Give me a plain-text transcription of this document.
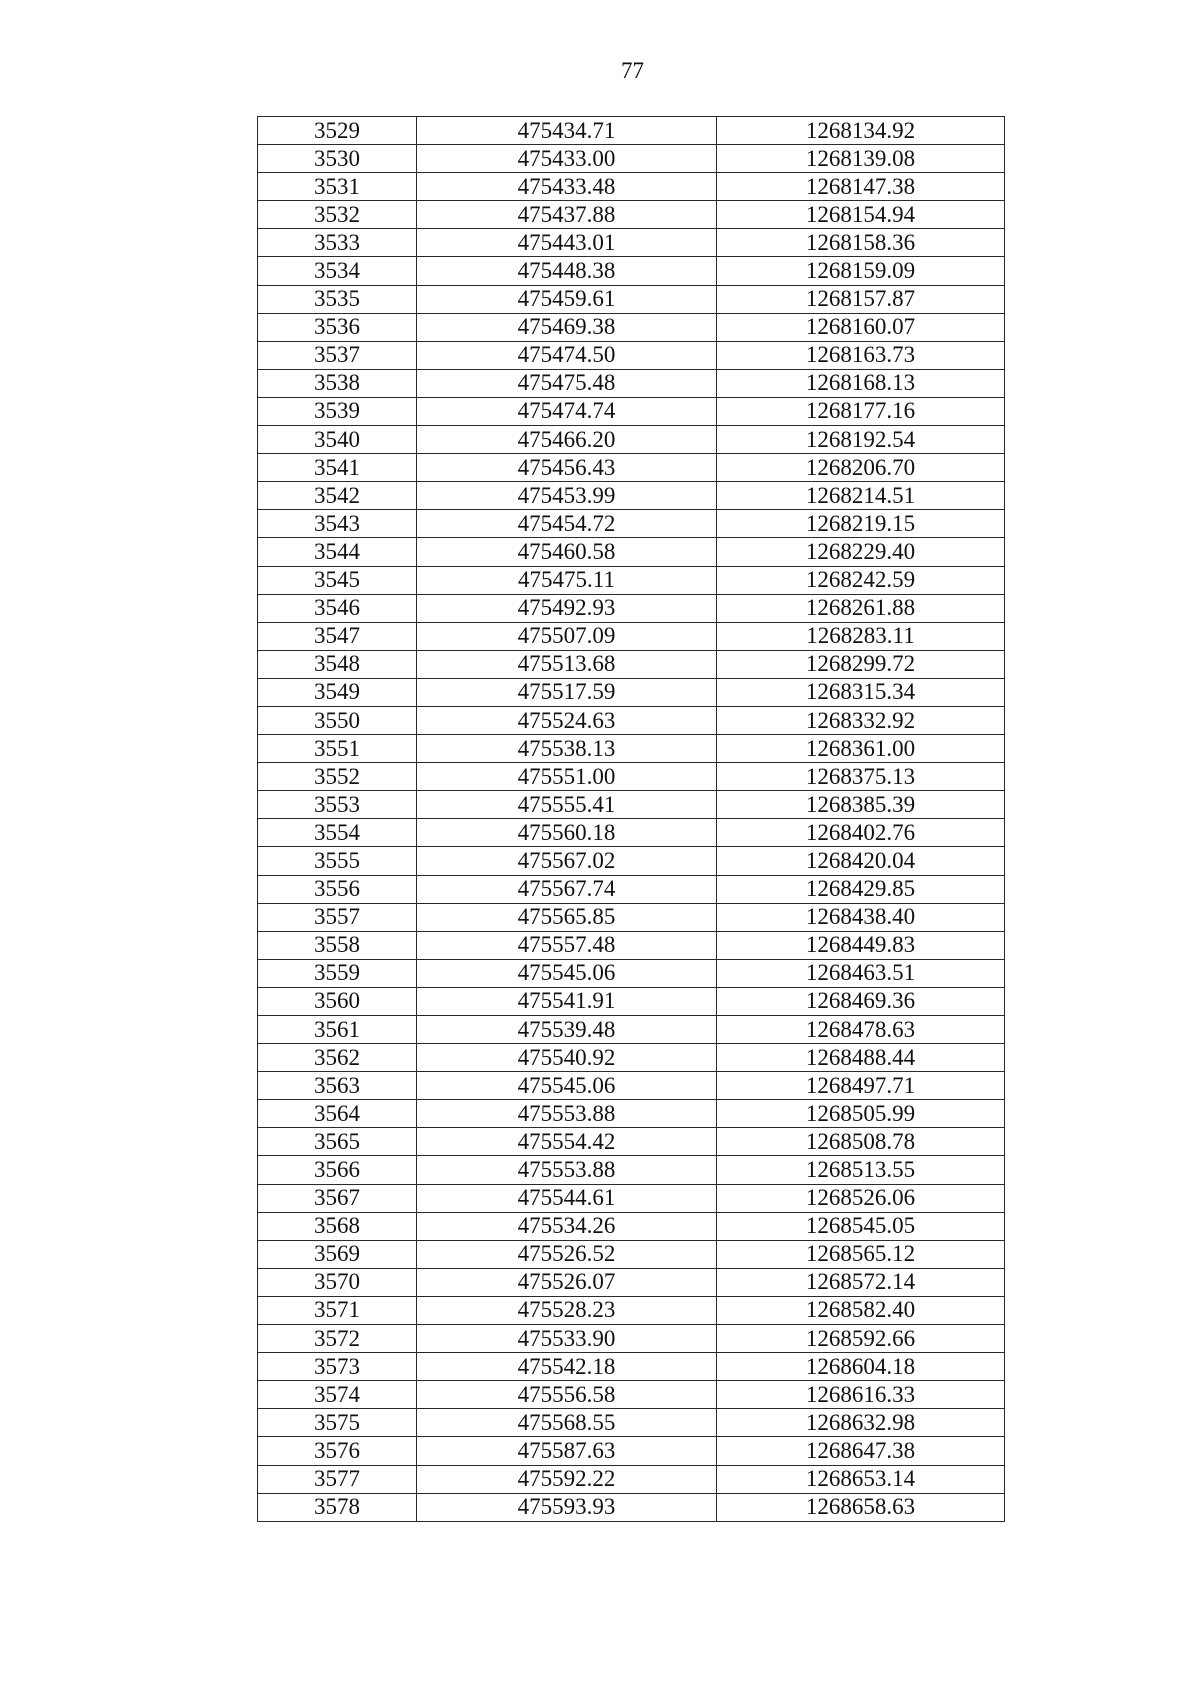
77
3529	475434.71	1268134.92
3530	475433.00	1268139.08
3531	475433.48	1268147.38
3532	475437.88	1268154.94
3533	475443.01	1268158.36
3534	475448.38	1268159.09
3535	475459.61	1268157.87
3536	475469.38	1268160.07
3537	475474.50	1268163.73
3538	475475.48	1268168.13
3539	475474.74	1268177.16
3540	475466.20	1268192.54
3541	475456.43	1268206.70
3542	475453.99	1268214.51
3543	475454.72	1268219.15
3544	475460.58	1268229.40
3545	475475.11	1268242.59
3546	475492.93	1268261.88
3547	475507.09	1268283.11
3548	475513.68	1268299.72
3549	475517.59	1268315.34
3550	475524.63	1268332.92
3551	475538.13	1268361.00
3552	475551.00	1268375.13
3553	475555.41	1268385.39
3554	475560.18	1268402.76
3555	475567.02	1268420.04
3556	475567.74	1268429.85
3557	475565.85	1268438.40
3558	475557.48	1268449.83
3559	475545.06	1268463.51
3560	475541.91	1268469.36
3561	475539.48	1268478.63
3562	475540.92	1268488.44
3563	475545.06	1268497.71
3564	475553.88	1268505.99
3565	475554.42	1268508.78
3566	475553.88	1268513.55
3567	475544.61	1268526.06
3568	475534.26	1268545.05
3569	475526.52	1268565.12
3570	475526.07	1268572.14
3571	475528.23	1268582.40
3572	475533.90	1268592.66
3573	475542.18	1268604.18
3574	475556.58	1268616.33
3575	475568.55	1268632.98
3576	475587.63	1268647.38
3577	475592.22	1268653.14
3578	475593.93	1268658.63
